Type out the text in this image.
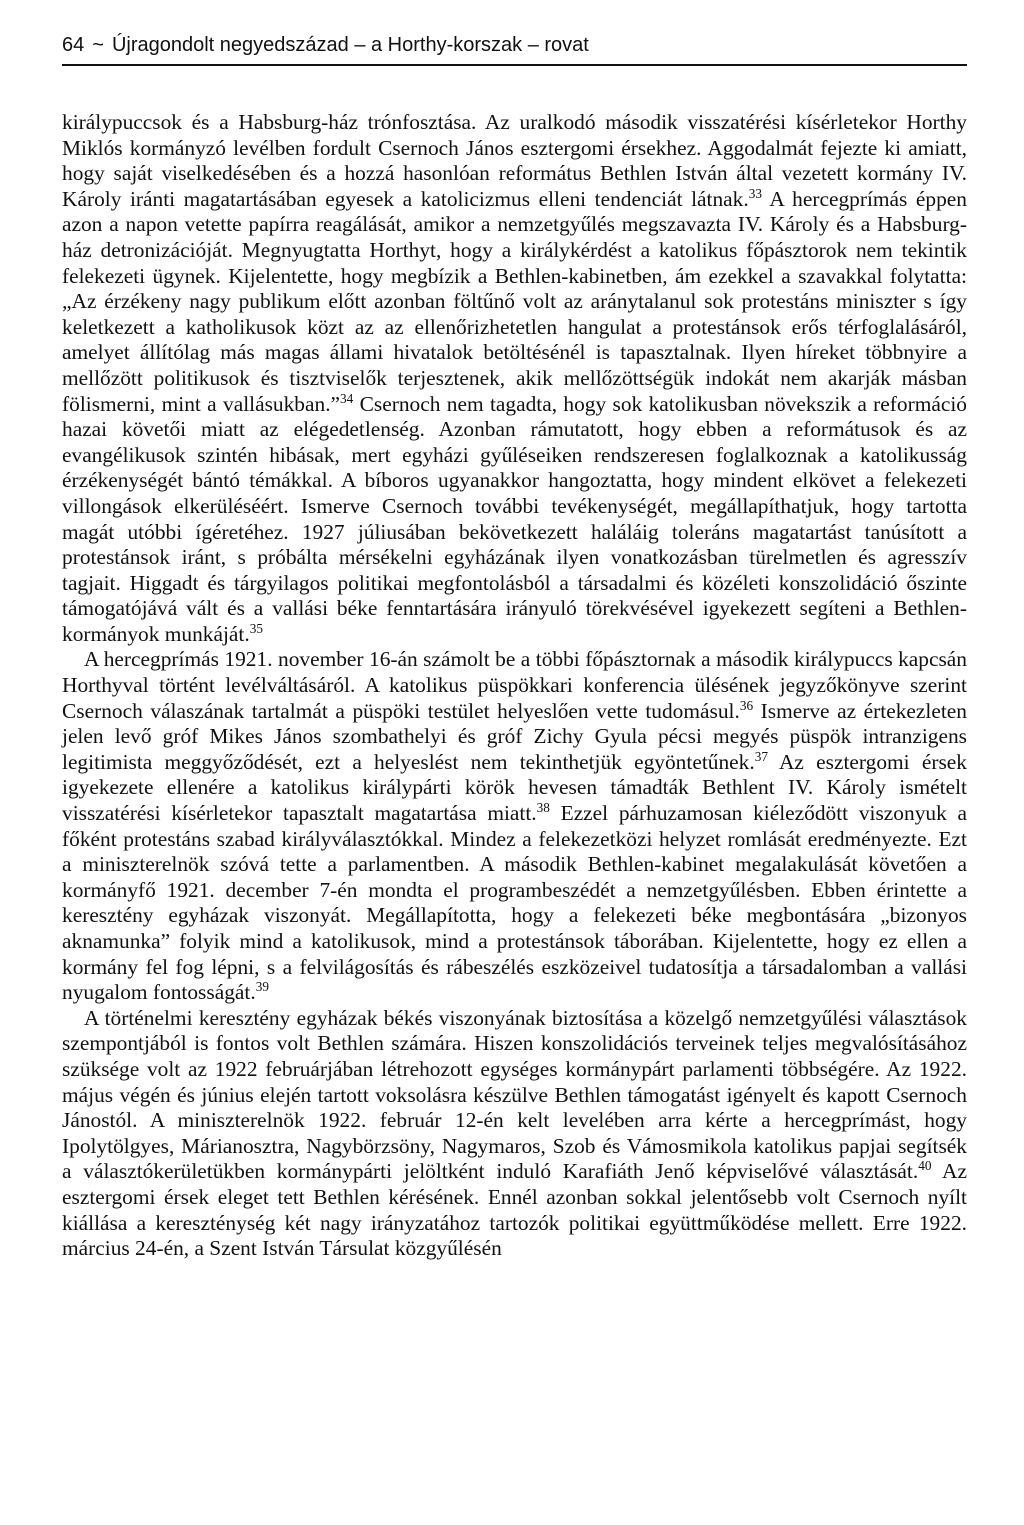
64 ~ Újragondolt negyedszázad – a Horthy-korszak – rovat

királypuccsok és a Habsburg-ház trónfosztása. Az uralkodó második visszatérési kísérletekor Horthy Miklós kormányzó levélben fordult Csernoch János esztergomi érsekhez. Aggodalmát fejezte ki amiatt, hogy saját viselkedésében és a hozzá hasonlóan református Bethlen István által vezetett kormány IV. Károly iránti magatartásában egyesek a katolicizmus elleni tendenciát látnak.$^{33}$ A hercegprímás éppen azon a napon vetette papírra reagálását, amikor a nemzetgyűlés megszavazta IV. Károly és a Habsburg-ház detronizációját. Megnyugtatta Horthyt, hogy a királykérdést a katolikus főpásztorok nem tekintik felekezeti ügynek. Kijelentette, hogy megbízik a Bethlen-kabinetben, ám ezekkel a szavakkal folytatta: „Az érzékeny nagy publikum előtt azonban föltűnő volt az aránytalanul sok protestáns miniszter s így keletkezett a katholikusok közt az az ellenőrizhetetlen hangulat a protestánsok erős térfoglalásáról, amelyet állítólag más magas állami hivatalok betöltésénél is tapasztalnak. Ilyen híreket többnyire a mellőzött politikusok és tisztviselők terjesztenek, akik mellőzöttségük indokát nem akarják másban fölismerni, mint a vallásukban.”$^{34}$ Csernoch nem tagadta, hogy sok katolikusban növekszik a reformáció hazai követői miatt az elégedetlenség. Azonban rámutatott, hogy ebben a reformátusok és az evangélikusok szintén hibásak, mert egyházi gyűléseiken rendszeresen foglalkoznak a katolikusság érzékenységét bántó témákkal. A bíboros ugyanakkor hangoztatta, hogy mindent elkövet a felekezeti villongások elkerüléséért. Ismerve Csernoch további tevékenységét, megállapíthatjuk, hogy tartotta magát utóbbi ígéretéhez. 1927 júliusában bekövetkezett haláláig toleráns magatartást tanúsított a protestánsok iránt, s próbálta mérsékelni egyházának ilyen vonatkozásban türelmetlen és agresszív tagjait. Higgadt és tárgyilagos politikai megfontolásból a társadalmi és közéleti konszolidáció őszinte támogatójává vált és a vallási béke fenntartására irányuló törekvésével igyekezett segíteni a Bethlen-kormányok munkáját.$^{35}$

A hercegprímás 1921. november 16-án számolt be a többi főpásztornak a második királypuccs kapcsán Horthyval történt levélváltásáról. A katolikus püspökkari konferencia ülésének jegyzőkönyve szerint Csernoch válaszának tartalmát a püspöki testület helyeslően vette tudomásul.$^{36}$ Ismerve az értekezleten jelen levő gróf Mikes János szombathelyi és gróf Zichy Gyula pécsi megyés püspök intranzigens legitimista meggyőződését, ezt a helyeslést nem tekinthetjük egyöntetűnek.$^{37}$ Az esztergomi érsek igyekezete ellenére a katolikus királypárti körök hevesen támadták Bethlent IV. Károly ismételt visszatérési kísérletekor tapasztalt magatartása miatt.$^{38}$ Ezzel párhuzamosan kiéleződött viszonyuk a főként protestáns szabad királyválasztókkal. Mindez a felekezetközi helyzet romlását eredményezte. Ezt a miniszterelnök szóvá tette a parlamentben. A második Bethlen-kabinet megalakulását követően a kormányfő 1921. december 7-én mondta el programbeszédét a nemzetgyűlésben. Ebben érintette a keresztény egyházak viszonyát. Megállapította, hogy a felekezeti béke megbontására „bizonyos aknamunka” folyik mind a katolikusok, mind a protestánsok táborában. Kijelentette, hogy ez ellen a kormány fel fog lépni, s a felvilágosítás és rábeszélés eszközeivel tudatosítja a társadalomban a vallási nyugalom fontosságát.$^{39}$

A történelmi keresztény egyházak békés viszonyának biztosítása a közelgő nemzetgyűlési választások szempontjából is fontos volt Bethlen számára. Hiszen konszolidációs terveinek teljes megvalósításához szüksége volt az 1922 februárjában létrehozott egységes kormánypárt parlamenti többségére. Az 1922. május végén és június elején tartott voksolásra készülve Bethlen támogatást igényelt és kapott Csernoch Jánostól. A miniszterelnök 1922. február 12-én kelt levelében arra kérte a hercegprímást, hogy Ipolytölgyes, Márianosztra, Nagybörzsöny, Nagymaros, Szob és Vámosmikola katolikus papjai segítsék a választókerületükben kormánypárti jelöltként induló Karafiáth Jenő képviselővé választását.$^{40}$ Az esztergomi érsek eleget tett Bethlen kérésének. Ennél azonban sokkal jelentősebb volt Csernoch nyílt kiállása a kereszténység két nagy irányzatához tartozók politikai együttműködése mellett. Erre 1922. március 24-én, a Szent István Társulat közgyűlésén
